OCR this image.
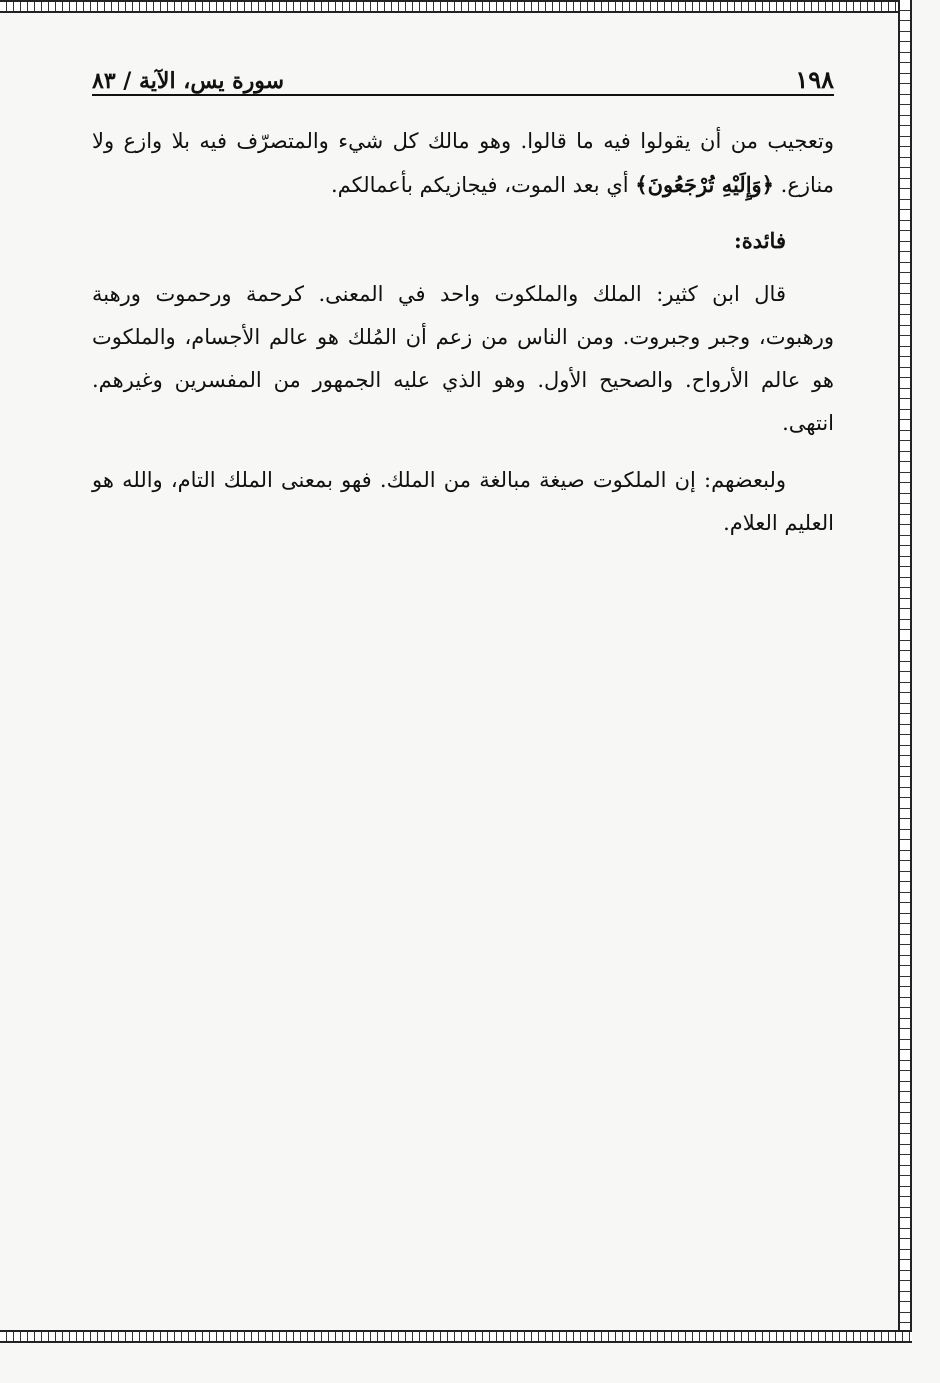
١٩٨
سورة يس، الآية / ٨٣

وتعجيب من أن يقولوا فيه ما قالوا. وهو مالك كل شيء والمتصرّف فيه بلا وازع ولا منازع. ﴿وَإِلَيْهِ تُرْجَعُونَ﴾ أي بعد الموت، فيجازيكم بأعمالكم.

فائدة:

قال ابن كثير: الملك والملكوت واحد في المعنى. كرحمة ورحموت ورهبة ورهبوت، وجبر وجبروت. ومن الناس من زعم أن المُلك هو عالم الأجسام، والملكوت هو عالم الأرواح. والصحيح الأول. وهو الذي عليه الجمهور من المفسرين وغيرهم. انتهى.

ولبعضهم: إن الملكوت صيغة مبالغة من الملك. فهو بمعنى الملك التام، والله هو العليم العلام.
